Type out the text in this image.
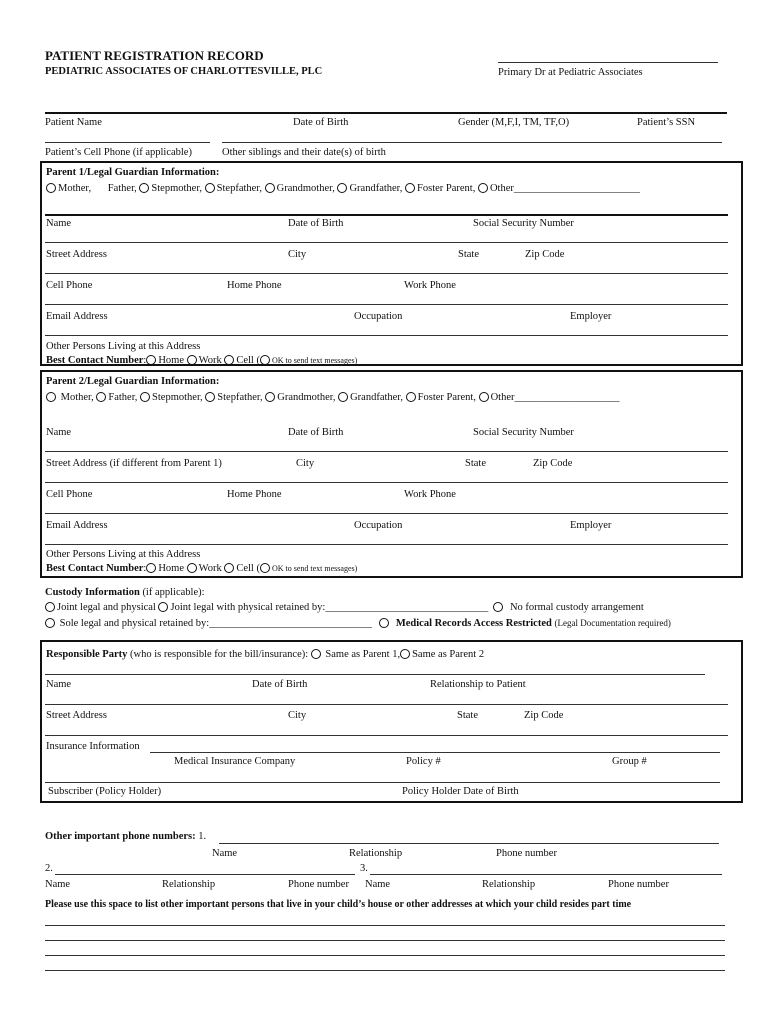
PATIENT REGISTRATION RECORD
PEDIATRIC ASSOCIATES OF CHARLOTTESVILLE, PLC	Primary Dr at Pediatric Associates
Patient Name	Date of Birth	Gender (M,F,I, TM, TF,O)	Patient’s SSN
Patient’s Cell Phone (if applicable)	Other siblings and their date(s) of birth
Parent 1/Legal Guardian Information:
Mother, Father, Stepmother, Stepfather, Grandmother, Grandfather, Foster Parent, Other________________________
Name	Date of Birth	Social Security Number
Street Address	City	State	Zip Code
Cell Phone	Home Phone	Work Phone
Email Address	Occupation	Employer
Other Persons Living at this Address
Best Contact Number: Home Work Cell ( OK to send text messages)
Parent 2/Legal Guardian Information:
Mother, Father, Stepmother, Stepfather, Grandmother, Grandfather, Foster Parent, Other____________________
Name	Date of Birth	Social Security Number
Street Address (if different from Parent 1)	City	State	Zip Code
Cell Phone	Home Phone	Work Phone
Email Address	Occupation	Employer
Other Persons Living at this Address
Best Contact Number: Home Work Cell ( OK to send text messages)
Custody Information (if applicable):
Joint legal and physical Joint legal with physical retained by:_______________________________ No formal custody arrangement
Sole legal and physical retained by:_______________________________ Medical Records Access Restricted (Legal Documentation required)
Responsible Party (who is responsible for the bill/insurance): Same as Parent 1, Same as Parent 2
Name	Date of Birth	Relationship to Patient
Street Address	City	State	Zip Code
Insurance Information
Medical Insurance Company	Policy #	Group #
Subscriber (Policy Holder)	Policy Holder Date of Birth
Other important phone numbers: 1.
Name	Relationship	Phone number
2.	3.
Name	Relationship	Phone number Name	Relationship	Phone number
Please use this space to list other important persons that live in your child’s house or other addresses at which your child resides part time
